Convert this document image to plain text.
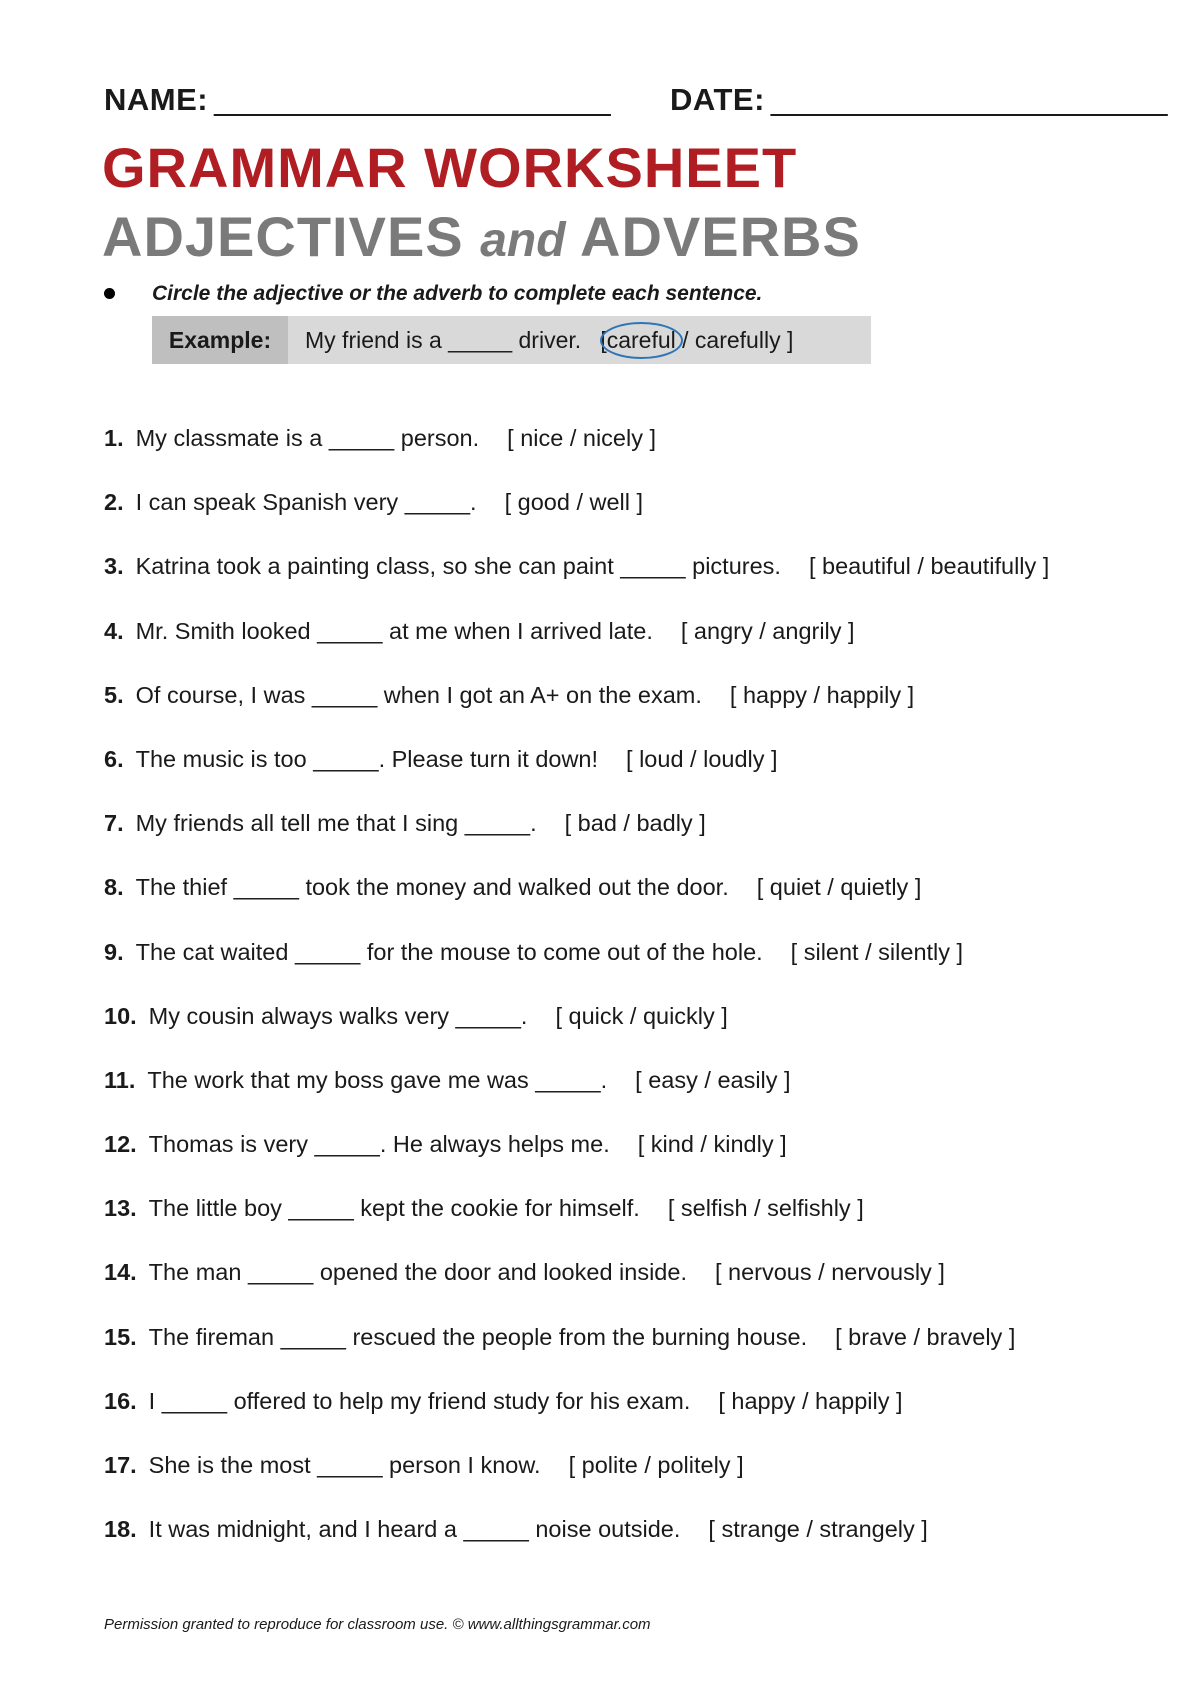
NAME: _______________________ DATE: _______________________
GRAMMAR WORKSHEET
ADJECTIVES and ADVERBS
Circle the adjective or the adverb to complete each sentence.
Example:	My friend is a _____ driver. [
careful / carefully ]
1. My classmate is a _____ person. [ nice / nicely ]
2. I can speak Spanish very _____. [ good / well ]
3. Katrina took a painting class, so she can paint _____ pictures. [ beautiful / beautifully ]
4. Mr. Smith looked _____ at me when I arrived late. [ angry / angrily ]
5. Of course, I was _____ when I got an A+ on the exam. [ happy / happily ]
6. The music is too _____. Please turn it down! [ loud / loudly ]
7. My friends all tell me that I sing _____. [ bad / badly ]
8. The thief _____ took the money and walked out the door. [ quiet / quietly ]
9. The cat waited _____ for the mouse to come out of the hole. [ silent / silently ]
10. My cousin always walks very _____. [ quick / quickly ]
11. The work that my boss gave me was _____. [ easy / easily ]
12. Thomas is very _____. He always helps me. [ kind / kindly ]
13. The little boy _____ kept the cookie for himself. [ selfish / selfishly ]
14. The man _____ opened the door and looked inside. [ nervous / nervously ]
15. The fireman _____ rescued the people from the burning house. [ brave / bravely ]
16. I _____ offered to help my friend study for his exam. [ happy / happily ]
17. She is the most _____ person I know. [ polite / politely ]
18. It was midnight, and I heard a _____ noise outside. [ strange / strangely ]
Permission granted to reproduce for classroom use. © www.allthingsgrammar.com
